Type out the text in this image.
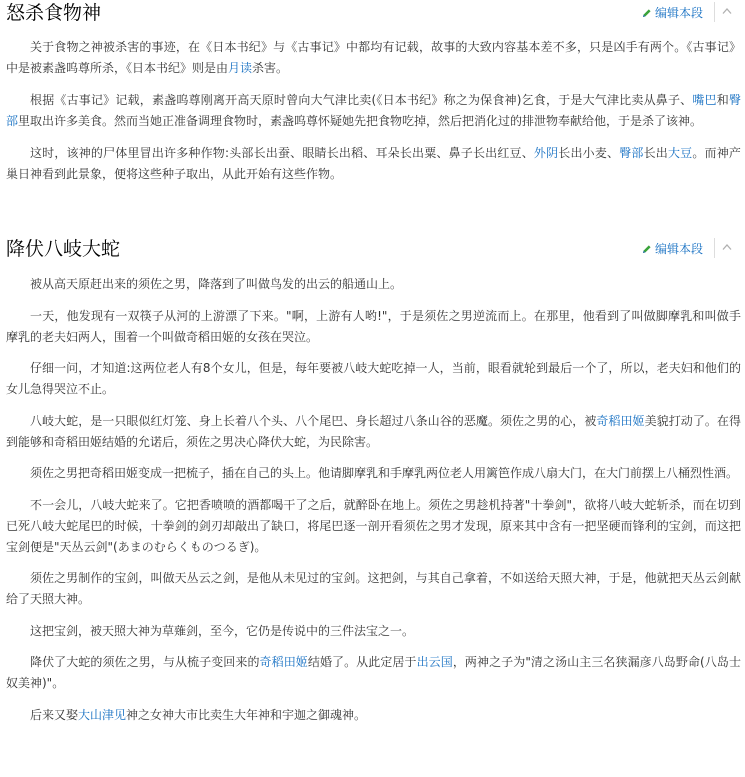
怒杀食物神	编辑本段

关于食物之神被杀害的事迹，在《日本书纪》与《古事记》中都均有记载，故事的大致内容基本差不多，只是凶手有两个。《古事记》中是被素盏呜尊所杀，《日本书纪》则是由月读杀害。

根据《古事记》记载，素盏呜尊刚离开高天原时曾向大气津比卖(《日本书纪》称之为保食神)乞食，于是大气津比卖从鼻子、嘴巴和臀部里取出许多美食。然而当她正准备调理食物时，素盏呜尊怀疑她先把食物吃掉，然后把消化过的排泄物奉献给他，于是杀了该神。

这时，该神的尸体里冒出许多种作物:头部长出蚕、眼睛长出稻、耳朵长出粟、鼻子长出红豆、外阴长出小麦、臀部长出大豆。而神产巢日神看到此景象，便将这些种子取出，从此开始有这些作物。

降伏八岐大蛇	编辑本段

被从高天原赶出来的须佐之男，降落到了叫做鸟发的出云的船通山上。

一天，他发现有一双筷子从河的上游漂了下来。"啊，上游有人哟!"，于是须佐之男逆流而上。在那里，他看到了叫做脚摩乳和叫做手摩乳的老夫妇两人，围着一个叫做奇稻田姬的女孩在哭泣。

仔细一问，才知道:这两位老人有8个女儿，但是，每年要被八岐大蛇吃掉一人，当前，眼看就轮到最后一个了，所以，老夫妇和他们的女儿急得哭泣不止。

八岐大蛇，是一只眼似红灯笼、身上长着八个头、八个尾巴、身长超过八条山谷的恶魔。须佐之男的心，被奇稻田姬美貌打动了。在得到能够和奇稻田姬结婚的允诺后，须佐之男决心降伏大蛇，为民除害。

须佐之男把奇稻田姬变成一把梳子，插在自己的头上。他请脚摩乳和手摩乳两位老人用篱笆作成八扇大门，在大门前摆上八桶烈性酒。

不一会儿，八岐大蛇来了。它把香喷喷的酒都喝干了之后，就醉卧在地上。须佐之男趁机持著"十拳剑"，欲将八岐大蛇斩杀，而在切到已死八岐大蛇尾巴的时候，十拳剑的剑刃却敲出了缺口，将尾巴逐一剖开看须佐之男才发现，原来其中含有一把坚硬而锋利的宝剑，而这把宝剑便是"天丛云剑"(あまのむらくものつるぎ)。

须佐之男制作的宝剑，叫做天丛云之剑，是他从未见过的宝剑。这把剑，与其自己拿着，不如送给天照大神，于是，他就把天丛云剑献给了天照大神。

这把宝剑，被天照大神为草薙剑，至今，它仍是传说中的三件法宝之一。

降伏了大蛇的须佐之男，与从梳子变回来的奇稻田姬结婚了。从此定居于出云国，两神之子为"清之汤山主三名狭漏彦八岛野命(八岛士奴美神)"。

后来又娶大山津见神之女神大市比卖生大年神和宇迦之御魂神。
